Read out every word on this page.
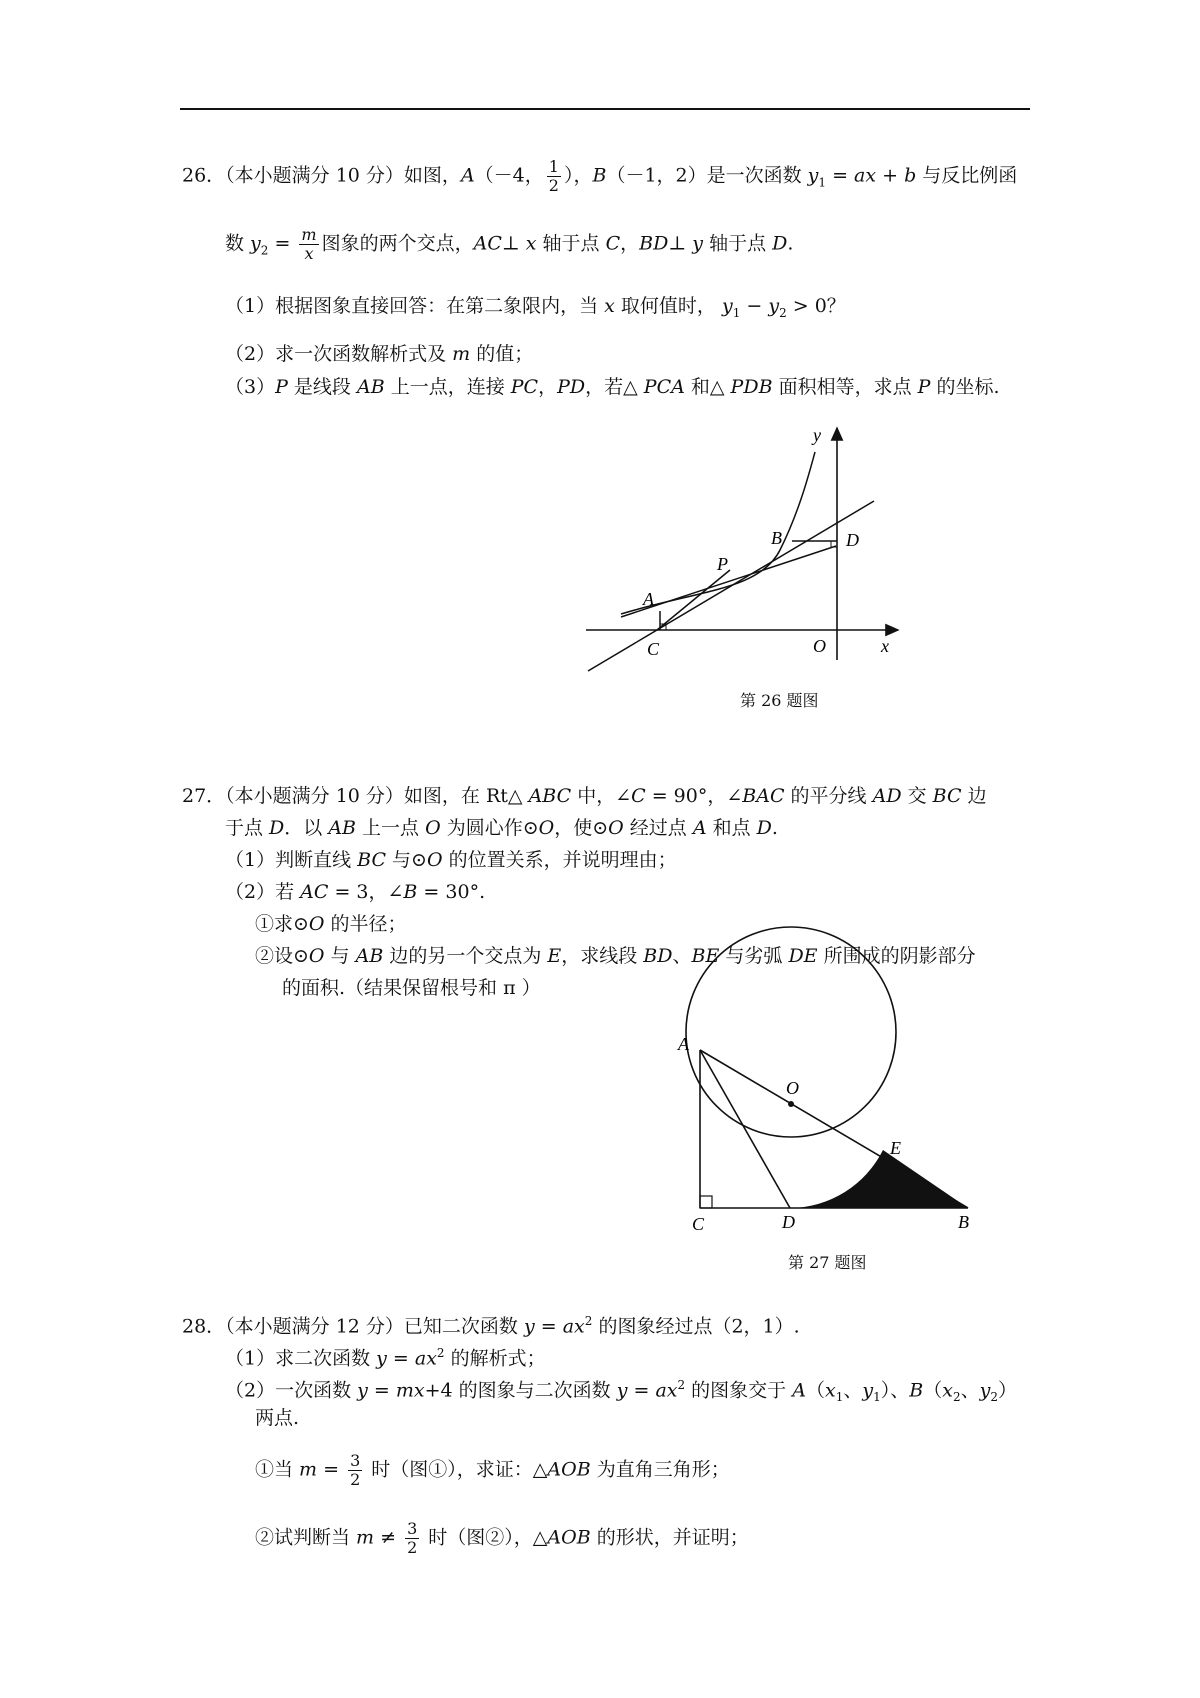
26．（本小题满分 10 分）如图，A（－4， $\frac{1}{2}$ ），B（－1，2）是一次函数 $y_1$ = ax + b 与反比例函
数 $y_2 = \frac{m}{x}$ 图象的两个交点，AC⊥ x 轴于点 C，BD⊥ y 轴于点 D.
（1）根据图象直接回答：在第二象限内，当 x 取何值时， $y_1 - y_2 > 0$？
（2）求一次函数解析式及 m 的值；
（3）P 是线段 AB 上一点，连接 PC，PD，若△ PCA 和△ PDB 面积相等，求点 P 的坐标.
y
B	D
P
A
C	O	x
A
O
E
C	D	B
第 26 题图
27．（本小题满分 10 分）如图，在 Rt△ ABC 中，∠C = 90°，∠BAC 的平分线 AD 交 BC 边
于点 D．以 AB 上一点 O 为圆心作⊙O，使⊙O 经过点 A 和点 D.
（1）判断直线 BC 与⊙O 的位置关系，并说明理由；
（2）若 AC = 3，∠B = 30°.
①求⊙O 的半径；
②设⊙O 与 AB 边的另一个交点为 E，求线段 BD、BE 与劣弧 DE 所围成的阴影部分
的面积.（结果保留根号和 π ）
第 27 题图
28．（本小题满分 12 分）已知二次函数 $y = ax^2$ 的图象经过点（2，1）.
（1）求二次函数 $y = ax^2$ 的解析式；
（2）一次函数 y = mx+4 的图象与二次函数 $y = ax^2$ 的图象交于 $A(x_1$、$y_1$）、$B(x_2$、$y_2$）
两点.
①当 $m = \frac{3}{2}$ 时（图①），求证：△AOB 为直角三角形；
②试判断当 $m \ne \frac{3}{2}$ 时（图②），△AOB 的形状，并证明；
